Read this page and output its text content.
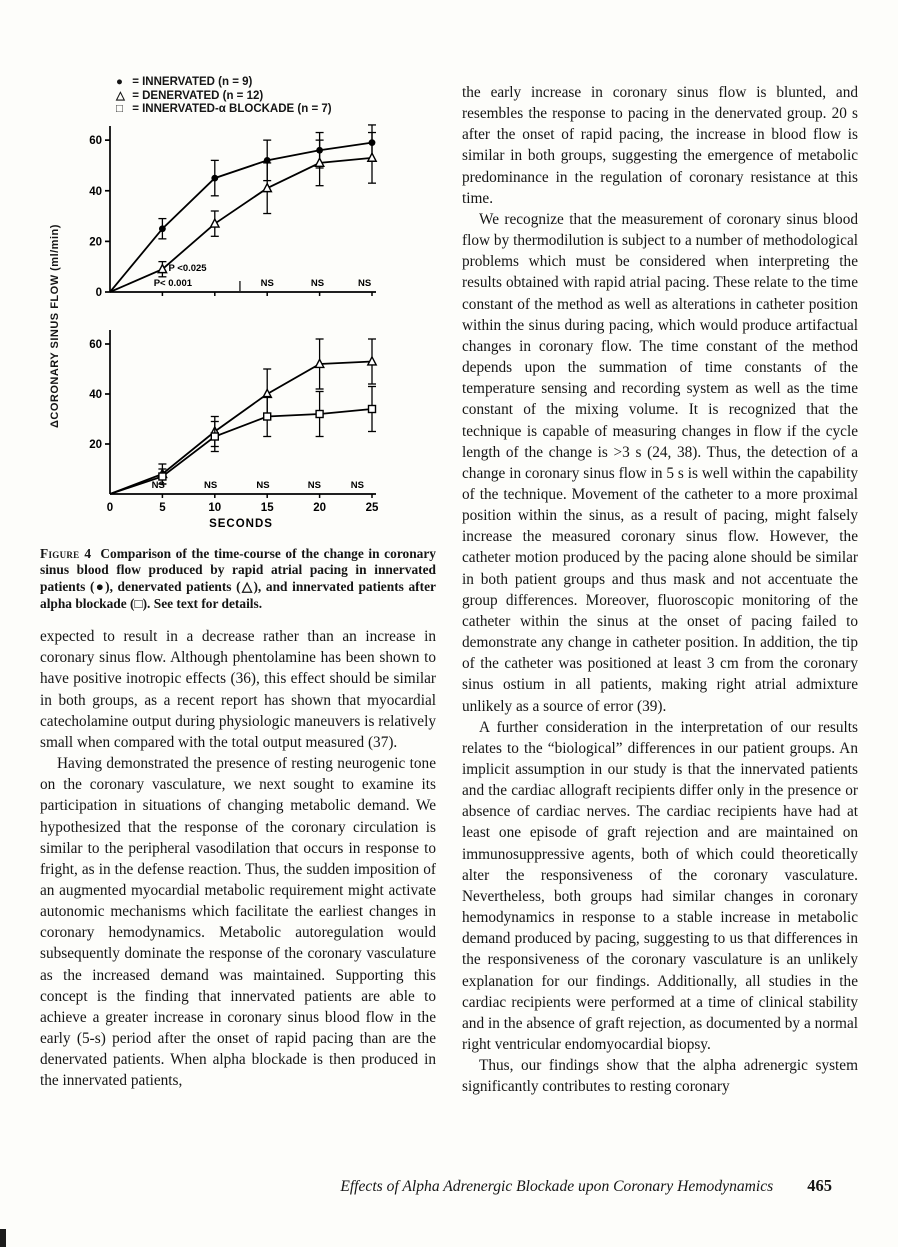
● = INNERVATED (n = 9)
△ = DENERVATED (n = 12)
□ = INNERVATED-α BLOCKADE (n = 7)
ΔCORONARY SINUS FLOW (ml/min)	0
20
40
60
P <0.025
P< 0.001	NS	NS	NS
20
40
60
0	5	10	15	20	25
SECONDS
NS	NS	NS	NS	NS
Figure 4 Comparison of the time-course of the change in coronary sinus blood flow produced by rapid atrial pacing in innervated patients (●), denervated patients (△), and innervated patients after alpha blockade (□). See text for details.

expected to result in a decrease rather than an increase in coronary sinus flow. Although phentolamine has been shown to have positive inotropic effects (36), this effect should be similar in both groups, as a recent report has shown that myocardial catecholamine output during physiologic maneuvers is relatively small when compared with the total output measured (37).

Having demonstrated the presence of resting neurogenic tone on the coronary vasculature, we next sought to examine its participation in situations of changing metabolic demand. We hypothesized that the response of the coronary circulation is similar to the peripheral vasodilation that occurs in response to fright, as in the defense reaction. Thus, the sudden imposition of an augmented myocardial metabolic requirement might activate autonomic mechanisms which facilitate the earliest changes in coronary hemodynamics. Metabolic autoregulation would subsequently dominate the response of the coronary vasculature as the increased demand was maintained. Supporting this concept is the finding that innervated patients are able to achieve a greater increase in coronary sinus blood flow in the early (5-s) period after the onset of rapid pacing than are the denervated patients. When alpha blockade is then produced in the innervated patients,

the early increase in coronary sinus flow is blunted, and resembles the response to pacing in the denervated group. 20 s after the onset of rapid pacing, the increase in blood flow is similar in both groups, suggesting the emergence of metabolic predominance in the regulation of coronary resistance at this time.

We recognize that the measurement of coronary sinus blood flow by thermodilution is subject to a number of methodological problems which must be considered when interpreting the results obtained with rapid atrial pacing. These relate to the time constant of the method as well as alterations in catheter position within the sinus during pacing, which would produce artifactual changes in coronary flow. The time constant of the method depends upon the summation of time constants of the temperature sensing and recording system as well as the time constant of the mixing volume. It is recognized that the technique is capable of measuring changes in flow if the cycle length of the change is >3 s (24, 38). Thus, the detection of a change in coronary sinus flow in 5 s is well within the capability of the technique. Movement of the catheter to a more proximal position within the sinus, as a result of pacing, might falsely increase the measured coronary sinus flow. However, the catheter motion produced by the pacing alone should be similar in both patient groups and thus mask and not accentuate the group differences. Moreover, fluoroscopic monitoring of the catheter within the sinus at the onset of pacing failed to demonstrate any change in catheter position. In addition, the tip of the catheter was positioned at least 3 cm from the coronary sinus ostium in all patients, making right atrial admixture unlikely as a source of error (39).

A further consideration in the interpretation of our results relates to the “biological” differences in our patient groups. An implicit assumption in our study is that the innervated patients and the cardiac allograft recipients differ only in the presence or absence of cardiac nerves. The cardiac recipients have had at least one episode of graft rejection and are maintained on immunosuppressive agents, both of which could theoretically alter the responsiveness of the coronary vasculature. Nevertheless, both groups had similar changes in coronary hemodynamics in response to a stable increase in metabolic demand produced by pacing, suggesting to us that differences in the responsiveness of the coronary vasculature is an unlikely explanation for our findings. Additionally, all studies in the cardiac recipients were performed at a time of clinical stability and in the absence of graft rejection, as documented by a normal right ventricular endomyocardial biopsy.

Thus, our findings show that the alpha adrenergic system significantly contributes to resting coronary

Effects of Alpha Adrenergic Blockade upon Coronary Hemodynamics 465
